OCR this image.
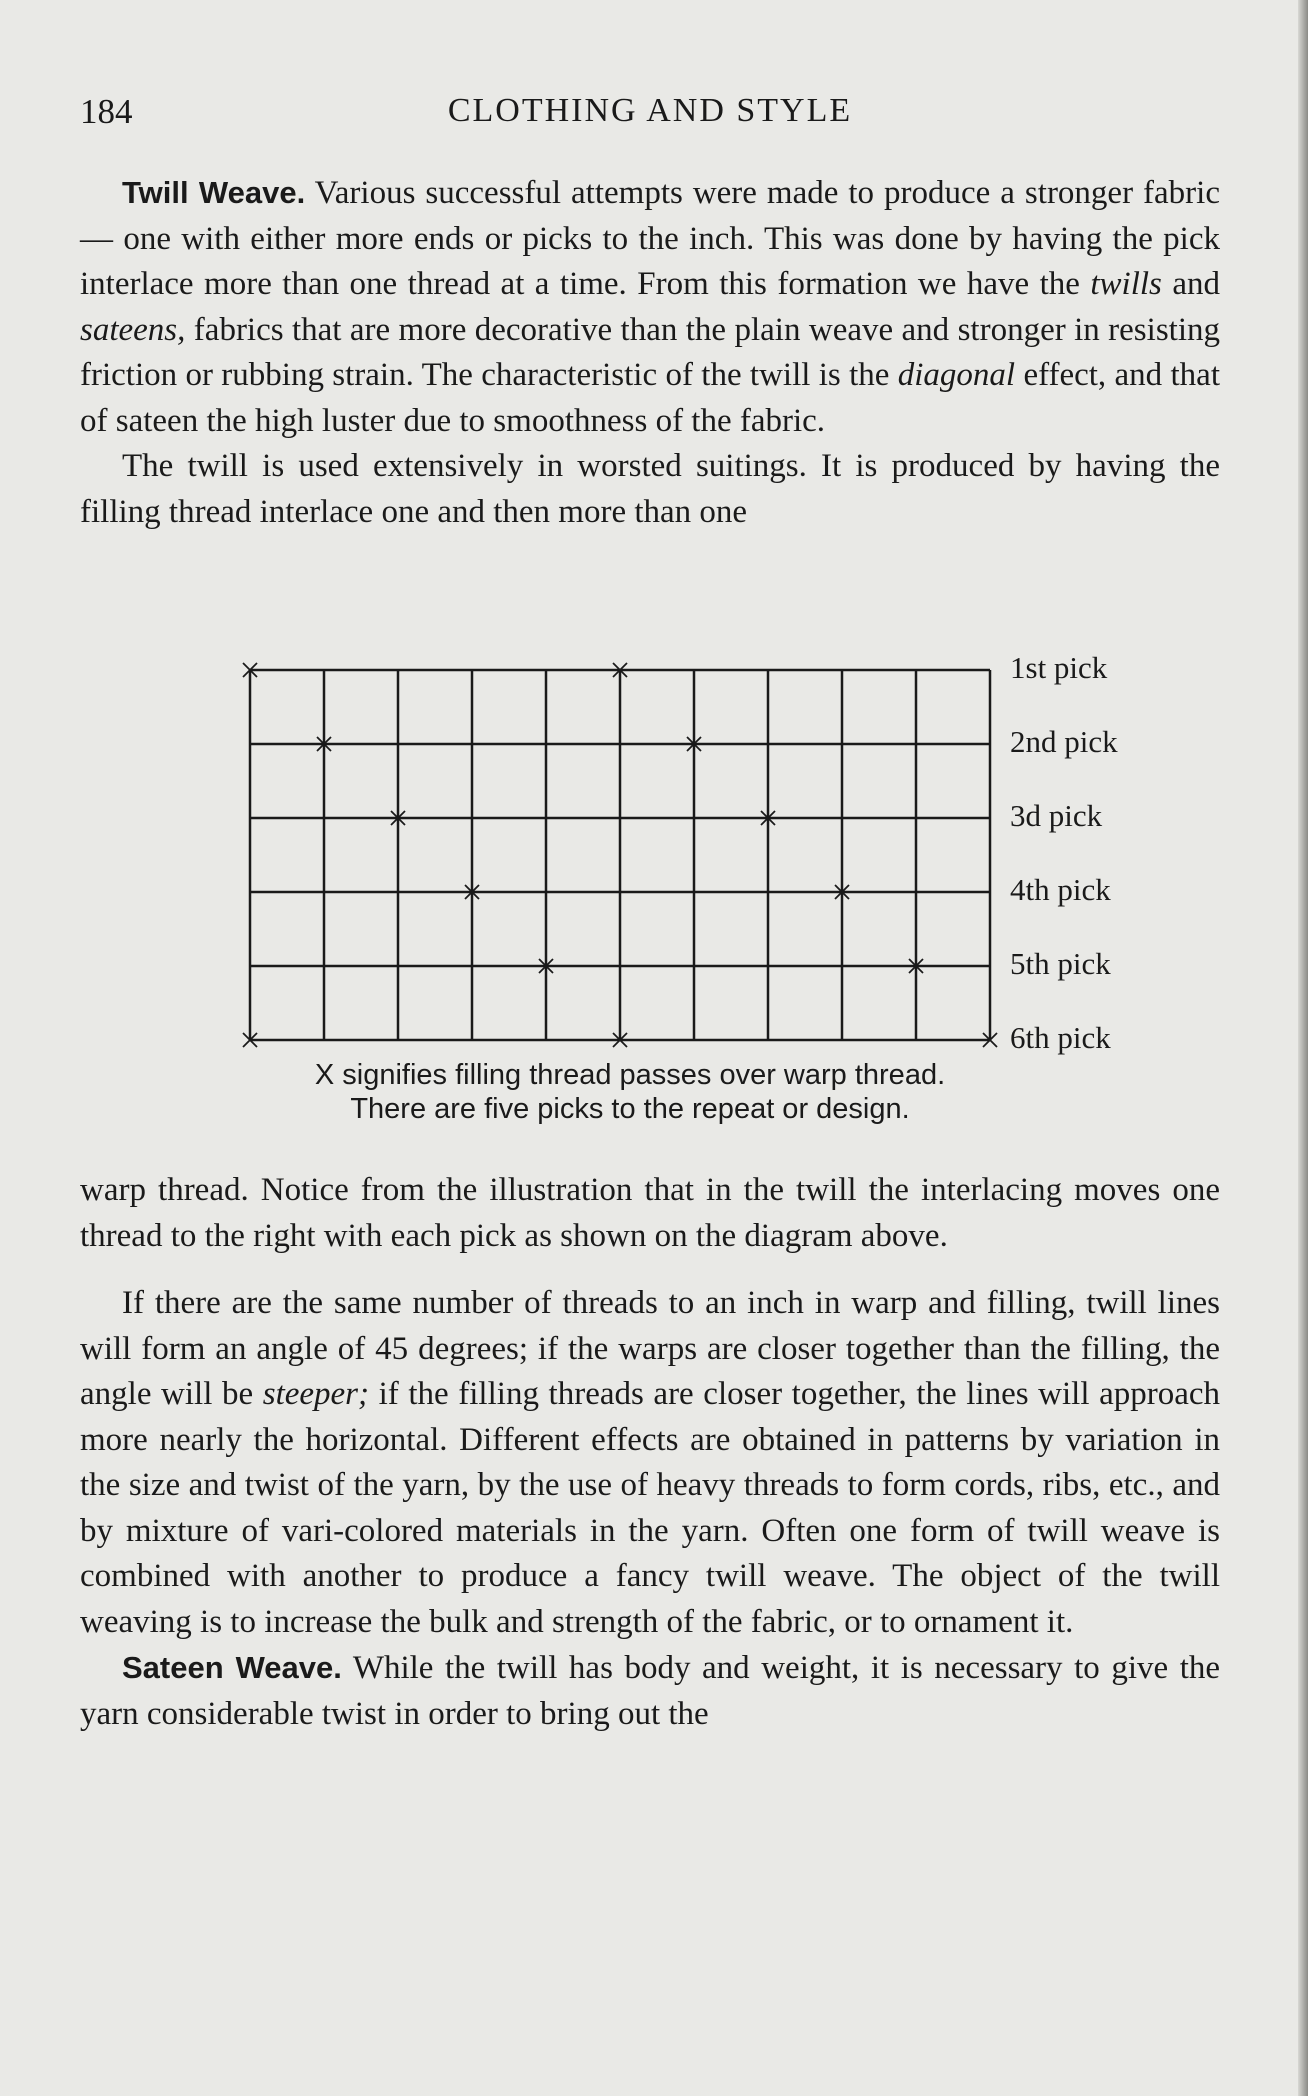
184	CLOTHING AND STYLE

Twill Weave. Various successful attempts were made to produce a stronger fabric — one with either more ends or picks to the inch. This was done by having the pick interlace more than one thread at a time. From this formation we have the twills and sateens, fabrics that are more decorative than the plain weave and stronger in resisting friction or rubbing strain. The characteristic of the twill is the diagonal effect, and that of sateen the high luster due to smoothness of the fabric.

The twill is used extensively in worsted suitings. It is produced by having the filling thread interlace one and then more than one

1st pick
2nd pick
3d pick
4th pick
5th pick
6th pick
X signifies filling thread passes over warp thread.
There are five picks to the repeat or design.

warp thread. Notice from the illustration that in the twill the interlacing moves one thread to the right with each pick as shown on the diagram above.

If there are the same number of threads to an inch in warp and filling, twill lines will form an angle of 45 degrees; if the warps are closer together than the filling, the angle will be steeper; if the filling threads are closer together, the lines will approach more nearly the horizontal. Different effects are obtained in patterns by variation in the size and twist of the yarn, by the use of heavy threads to form cords, ribs, etc., and by mixture of vari-colored materials in the yarn. Often one form of twill weave is combined with another to produce a fancy twill weave. The object of the twill weaving is to increase the bulk and strength of the fabric, or to ornament it.

Sateen Weave. While the twill has body and weight, it is necessary to give the yarn considerable twist in order to bring out the
